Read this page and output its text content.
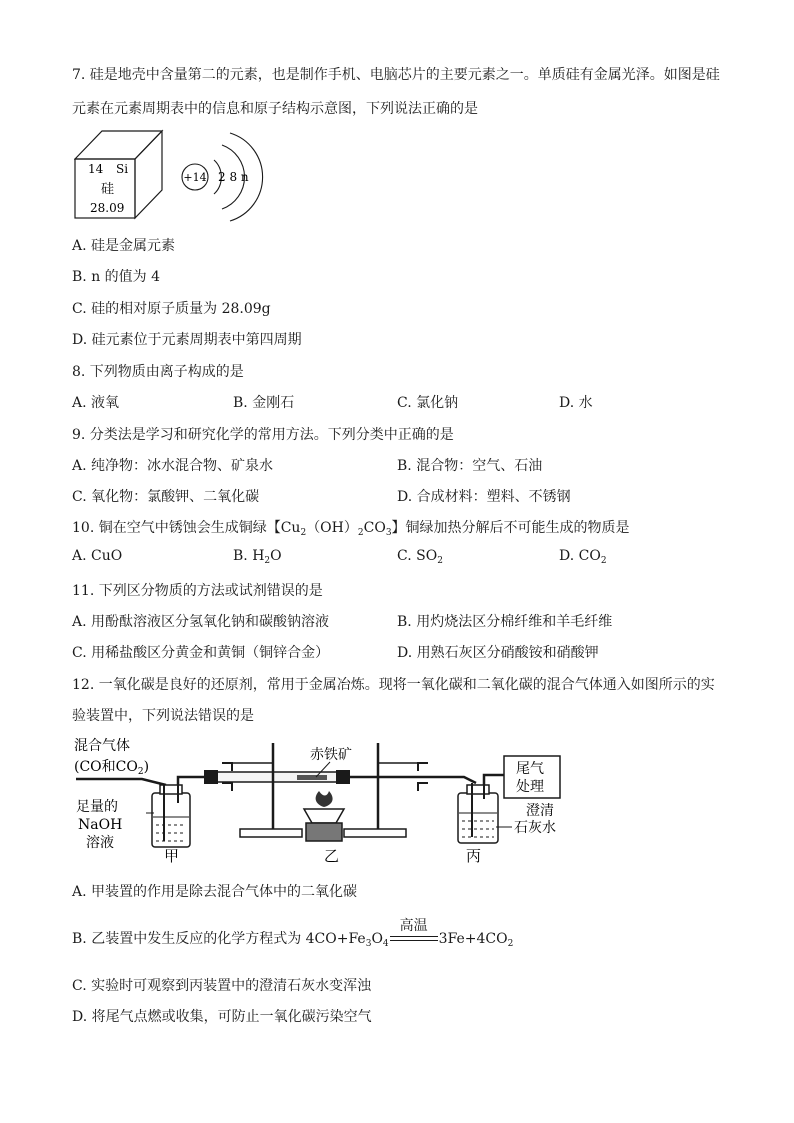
7. 硅是地壳中含量第二的元素，也是制作手机、电脑芯片的主要元素之一。单质硅有金属光泽。如图是硅
元素在元素周期表中的信息和原子结构示意图，下列说法正确的是
14 Si
硅
28.09
+14 2 8 n
A. 硅是金属元素
B. n 的值为 4
C. 硅的相对原子质量为 28.09g
D. 硅元素位于元素周期表中第四周期
8. 下列物质由离子构成的是
A. 液氧	B. 金刚石	C. 氯化钠	D. 水
9. 分类法是学习和研究化学的常用方法。下列分类中正确的是
A. 纯净物：冰水混合物、矿泉水	B. 混合物：空气、石油
C. 氧化物：氯酸钾、二氧化碳	D. 合成材料：塑料、不锈钢
10. 铜在空气中锈蚀会生成铜绿【$Cu_2(OH)_2CO_3$】铜绿加热分解后不可能生成的物质是
A. CuO	B. $H_2O$	C. $SO_2$	D. $CO_2$
11. 下列区分物质的方法或试剂错误的是
A. 用酚酞溶液区分氢氧化钠和碳酸钠溶液	B. 用灼烧法区分棉纤维和羊毛纤维
C. 用稀盐酸区分黄金和黄铜（铜锌合金）	D. 用熟石灰区分硝酸铵和硝酸钾
12. 一氧化碳是良好的还原剂，常用于金属冶炼。现将一氧化碳和二氧化碳的混合气体通入如图所示的实
验装置中，下列说法错误的是
混合气体
(CO和$CO_2$)
足量的
NaOH
溶液
甲
赤铁矿
乙	丙
尾气
处理
澄清
石灰水
A. 甲装置的作用是除去混合气体中的二氧化碳
B. 乙装置中发生反应的化学方程式为 $4CO+Fe_3O_4$
高温
$3Fe+4CO_2$
C. 实验时可观察到丙装置中的澄清石灰水变浑浊
D. 将尾气点燃或收集，可防止一氧化碳污染空气
